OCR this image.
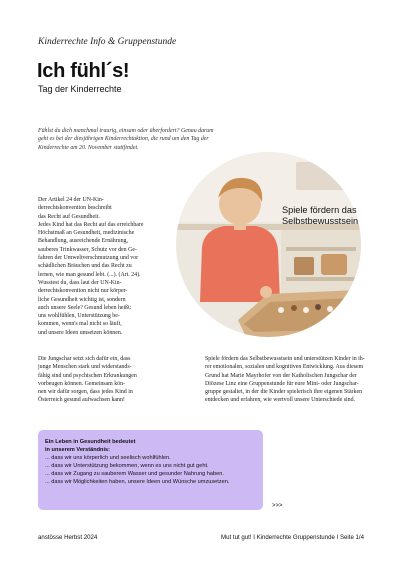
Kinderrechte Info & Gruppenstunde
Ich fühl´s!
Tag der Kinderrechte
Fühlst du dich manchmal traurig, einsam oder überfordert? Genau darum
geht es bei der diesjährigen Kinderrechtaktion, die rund um den Tag der
Kinderrechte am 20. November stattfindet.
Der Artikel 24 der UN-Kin-
derrechtskonvention beschreibt
das Recht auf Gesundheit.
Jedes Kind hat das Recht auf das erreichbare
Höchstmaß an Gesundheit, medizinische
Behandlung, ausreichende Ernährung,
sauberes Trinkwasser, Schutz vor den Ge-
fahren der Umweltverschmutzung und vor
schädlichen Bräuchen und das Recht zu
lernen, wie man gesund lebt. (...). (Art. 24).
Wusstest du, dass laut der UN-Kin-
derrechtskonvention nicht nur körper-
liche Gesundheit wichtig ist, sondern
auch unsere Seele? Gesund leben heißt:
uns wohlfühlen, Unterstützung be-
kommen, wenn's mal nicht so läuft,
und unsere Ideen umsetzen können.
Spiele fördern das
Selbstbewusstsein
Die Jungschar setzt sich dafür ein, dass
junge Menschen stark und widerstands-
fähig sind und psychischen Erkrankungen
vorbeugen können. Gemeinsam kön-
nen wir dafür sorgen, dass jedes Kind in
Österreich gesund aufwachsen kann!
Spiele fördern das Selbstbewusstsein und unterstützen Kinder in ih-
rer emotionalen, sozialen und kognitiven Entwicklung. Aus diesem
Grund hat Marie Mayrhofer von der Katholischen Jungschar der
Diözese Linz eine Gruppenstunde für eure Mini- oder Jungschar-
gruppe gestaltet, in der die Kinder spielerisch ihre eigenen Stärken
entdecken und erfahren, wie wertvoll unsere Unterschiede sind.
Ein Leben in Gesundheit bedeutet
in unserem Verständnis:
... dass wir uns körperlich und seelisch wohlfühlen.
... dass wir Unterstützung bekommen, wenn es uns nicht gut geht.
... dass wir Zugang zu sauberem Wasser und gesunder Nahrung haben.
... dass wir Möglichkeiten haben, unsere Ideen und Wünsche umzusetzen.
>>>
anstösse Herbst 2024	Mut tut gut! I Kinderrechte Gruppenstunde I Seite 1/4
